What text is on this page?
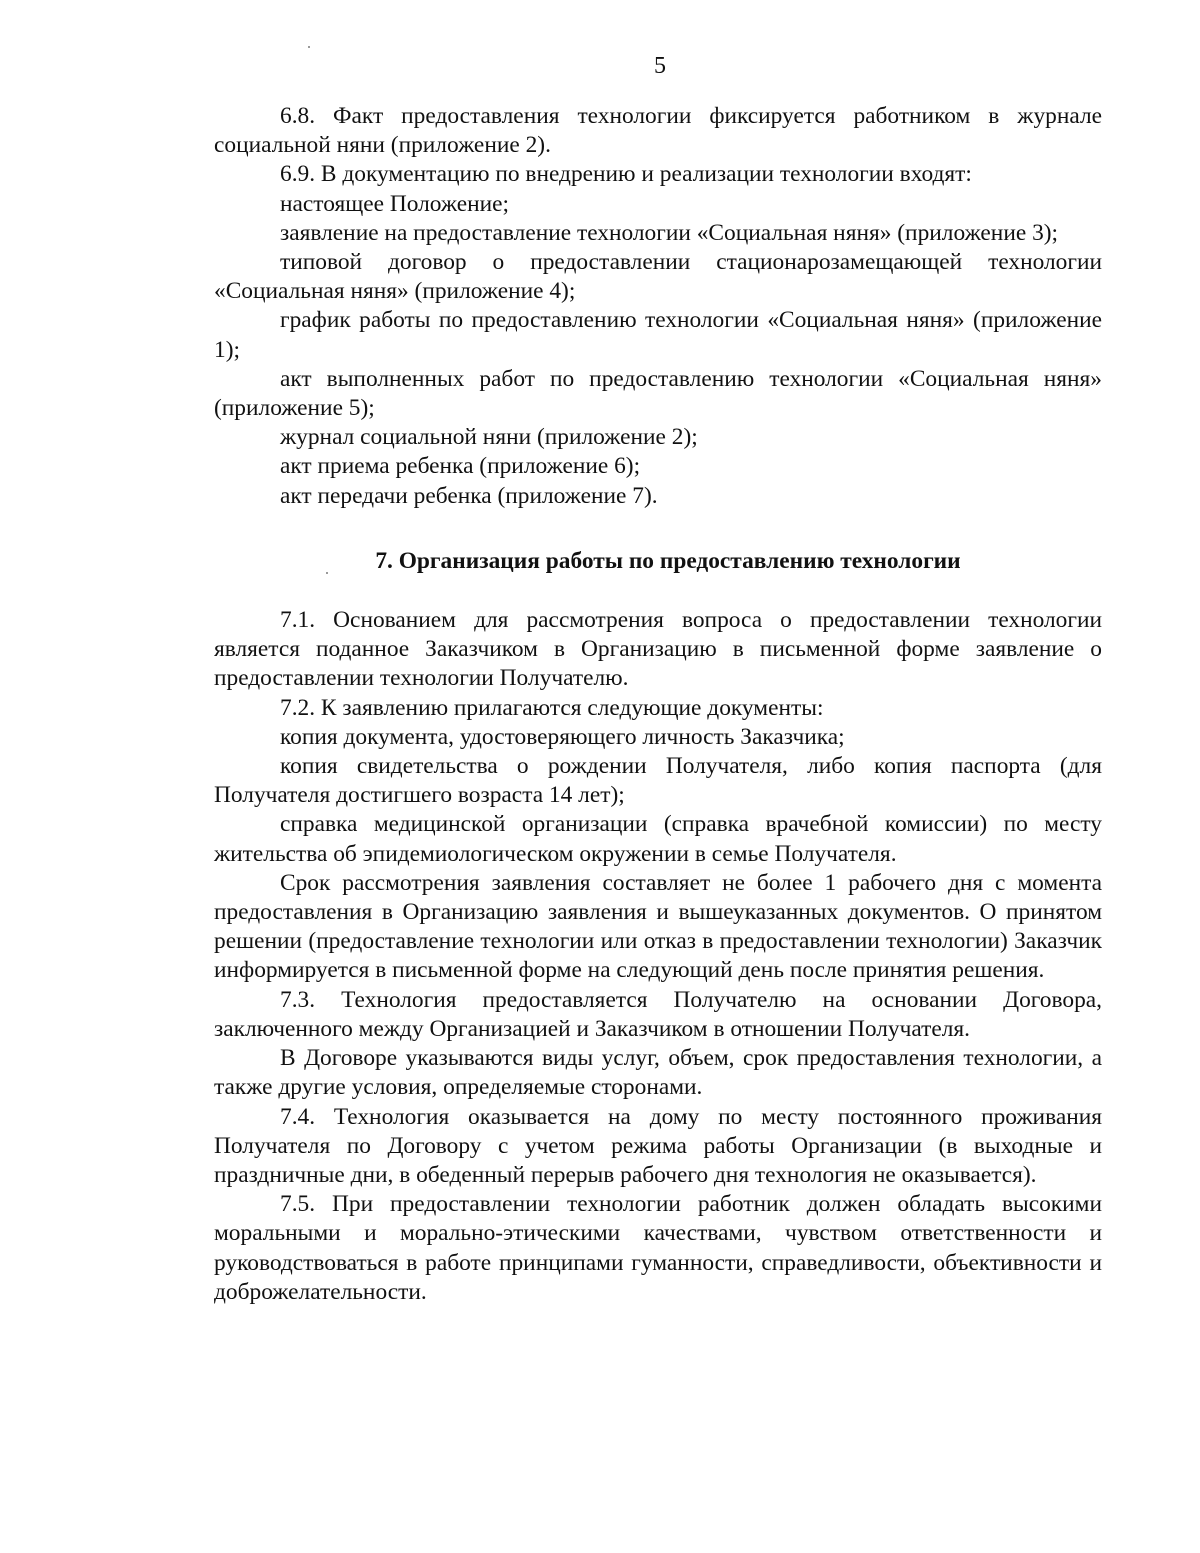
5

6.8. Факт предоставления технологии фиксируется работником в журнале социальной няни (приложение 2).

6.9. В документацию по внедрению и реализации технологии входят:

настоящее Положение;

заявление на предоставление технологии «Социальная няня» (приложение 3);

типовой договор о предоставлении стационарозамещающей технологии «Социальная няня» (приложение 4);

график работы по предоставлению технологии «Социальная няня» (приложение 1);

акт выполненных работ по предоставлению технологии «Социальная няня» (приложение 5);

журнал социальной няни (приложение 2);

акт приема ребенка (приложение 6);

акт передачи ребенка (приложение 7).

7. Организация работы по предоставлению технологии

7.1. Основанием для рассмотрения вопроса о предоставлении технологии является поданное Заказчиком в Организацию в письменной форме заявление о предоставлении технологии Получателю.

7.2. К заявлению прилагаются следующие документы:

копия документа, удостоверяющего личность Заказчика;

копия свидетельства о рождении Получателя, либо копия паспорта (для Получателя достигшего возраста 14 лет);

справка медицинской организации (справка врачебной комиссии) по месту жительства об эпидемиологическом окружении в семье Получателя.

Срок рассмотрения заявления составляет не более 1 рабочего дня с момента предоставления в Организацию заявления и вышеуказанных документов. О принятом решении (предоставление технологии или отказ в предоставлении технологии) Заказчик информируется в письменной форме на следующий день после принятия решения.

7.3. Технология предоставляется Получателю на основании Договора, заключенного между Организацией и Заказчиком в отношении Получателя.

В Договоре указываются виды услуг, объем, срок предоставления технологии, а также другие условия, определяемые сторонами.

7.4. Технология оказывается на дому по месту постоянного проживания Получателя по Договору с учетом режима работы Организации (в выходные и праздничные дни, в обеденный перерыв рабочего дня технология не оказывается).

7.5. При предоставлении технологии работник должен обладать высокими моральными и морально-этическими качествами, чувством ответственности и руководствоваться в работе принципами гуманности, справедливости, объективности и доброжелательности.
